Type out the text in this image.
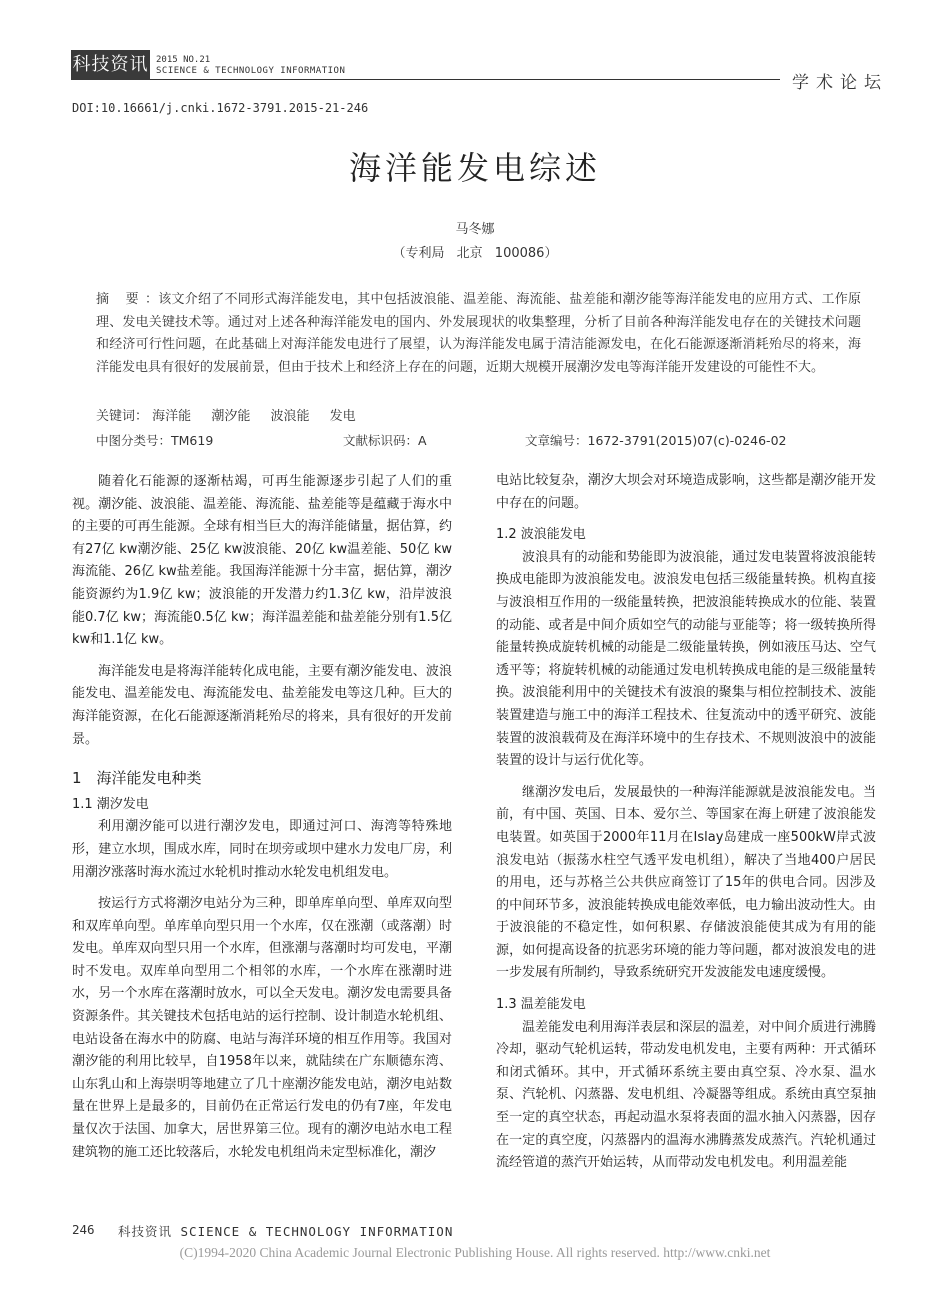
科技资讯 2015 NO.21
SCIENCE & TECHNOLOGY INFORMATION
学术论坛
DOI:10.16661/j.cnki.1672-3791.2015-21-246
海洋能发电综述
马冬娜
（专利局 北京 100086）
摘 要：该文介绍了不同形式海洋能发电，其中包括波浪能、温差能、海流能、盐差能和潮汐能等海洋能发电的应用方式、工作原理、发电关键技术等。通过对上述各种海洋能发电的国内、外发展现状的收集整理，分析了目前各种海洋能发电存在的关键技术问题和经济可行性问题，在此基础上对海洋能发电进行了展望，认为海洋能发电属于清洁能源发电，在化石能源逐渐消耗殆尽的将来，海洋能发电具有很好的发展前景，但由于技术上和经济上存在的问题，近期大规模开展潮汐发电等海洋能开发建设的可能性不大。
关键词： 海洋能 潮汐能 波浪能 发电
中图分类号：TM619	文献标识码：A	文章编号：1672-3791(2015)07(c)-0246-02

随着化石能源的逐渐枯竭，可再生能源逐步引起了人们的重视。潮汐能、波浪能、温差能、海流能、盐差能等是蕴藏于海水中的主要的可再生能源。全球有相当巨大的海洋能储量，据估算，约有27亿 kw潮汐能、25亿 kw波浪能、20亿 kw温差能、50亿 kw海流能、26亿 kw盐差能。我国海洋能源十分丰富，据估算，潮汐能资源约为1.9亿 kw；波浪能的开发潜力约1.3亿 kw，沿岸波浪能0.7亿 kw；海流能0.5亿 kw；海洋温差能和盐差能分别有1.5亿 kw和1.1亿 kw。

海洋能发电是将海洋能转化成电能，主要有潮汐能发电、波浪能发电、温差能发电、海流能发电、盐差能发电等这几种。巨大的海洋能资源，在化石能源逐渐消耗殆尽的将来，具有很好的开发前景。

1　海洋能发电种类
1.1 潮汐发电

利用潮汐能可以进行潮汐发电，即通过河口、海湾等特殊地形，建立水坝，围成水库，同时在坝旁或坝中建水力发电厂房，利用潮汐涨落时海水流过水轮机时推动水轮发电机组发电。

按运行方式将潮汐电站分为三种，即单库单向型、单库双向型和双库单向型。单库单向型只用一个水库，仅在涨潮（或落潮）时发电。单库双向型只用一个水库，但涨潮与落潮时均可发电，平潮时不发电。双库单向型用二个相邻的水库，一个水库在涨潮时进水，另一个水库在落潮时放水，可以全天发电。潮汐发电需要具备资源条件。其关键技术包括电站的运行控制、设计制造水轮机组、电站设备在海水中的防腐、电站与海洋环境的相互作用等。我国对潮汐能的利用比较早，自1958年以来，就陆续在广东顺德东湾、山东乳山和上海崇明等地建立了几十座潮汐能发电站，潮汐电站数量在世界上是最多的，目前仍在正常运行发电的仍有7座，年发电量仅次于法国、加拿大，居世界第三位。现有的潮汐电站水电工程建筑物的施工还比较落后，水轮发电机组尚未定型标准化，潮汐

电站比较复杂，潮汐大坝会对环境造成影响，这些都是潮汐能开发中存在的问题。

1.2 波浪能发电

波浪具有的动能和势能即为波浪能，通过发电装置将波浪能转换成电能即为波浪能发电。波浪发电包括三级能量转换。机构直接与波浪相互作用的一级能量转换，把波浪能转换成水的位能、装置的动能、或者是中间介质如空气的动能与亚能等；将一级转换所得能量转换成旋转机械的动能是二级能量转换，例如液压马达、空气透平等；将旋转机械的动能通过发电机转换成电能的是三级能量转换。波浪能利用中的关键技术有波浪的聚集与相位控制技术、波能装置建造与施工中的海洋工程技术、往复流动中的透平研究、波能装置的波浪载荷及在海洋环境中的生存技术、不规则波浪中的波能装置的设计与运行优化等。

继潮汐发电后，发展最快的一种海洋能源就是波浪能发电。当前，有中国、英国、日本、爱尔兰、等国家在海上研建了波浪能发电装置。如英国于2000年11月在Islay岛建成一座500kW岸式波浪发电站（振荡水柱空气透平发电机组），解决了当地400户居民的用电，还与苏格兰公共供应商签订了15年的供电合同。因涉及的中间环节多，波浪能转换成电能效率低，电力输出波动性大。由于波浪能的不稳定性，如何积累、存储波浪能使其成为有用的能源，如何提高设备的抗恶劣环境的能力等问题，都对波浪发电的进一步发展有所制约，导致系统研究开发波能发电速度缓慢。

1.3 温差能发电

温差能发电利用海洋表层和深层的温差，对中间介质进行沸腾冷却，驱动气轮机运转，带动发电机发电，主要有两种：开式循环和闭式循环。其中，开式循环系统主要由真空泵、冷水泵、温水泵、汽轮机、闪蒸器、发电机组、冷凝器等组成。系统由真空泵抽至一定的真空状态，再起动温水泵将表面的温水抽入闪蒸器，因存在一定的真空度，闪蒸器内的温海水沸腾蒸发成蒸汽。汽轮机通过流经管道的蒸汽开始运转，从而带动发电机发电。利用温差能

246 科技资讯 SCIENCE & TECHNOLOGY INFORMATION
(C)1994-2020 China Academic Journal Electronic Publishing House. All rights reserved. http://www.cnki.net
